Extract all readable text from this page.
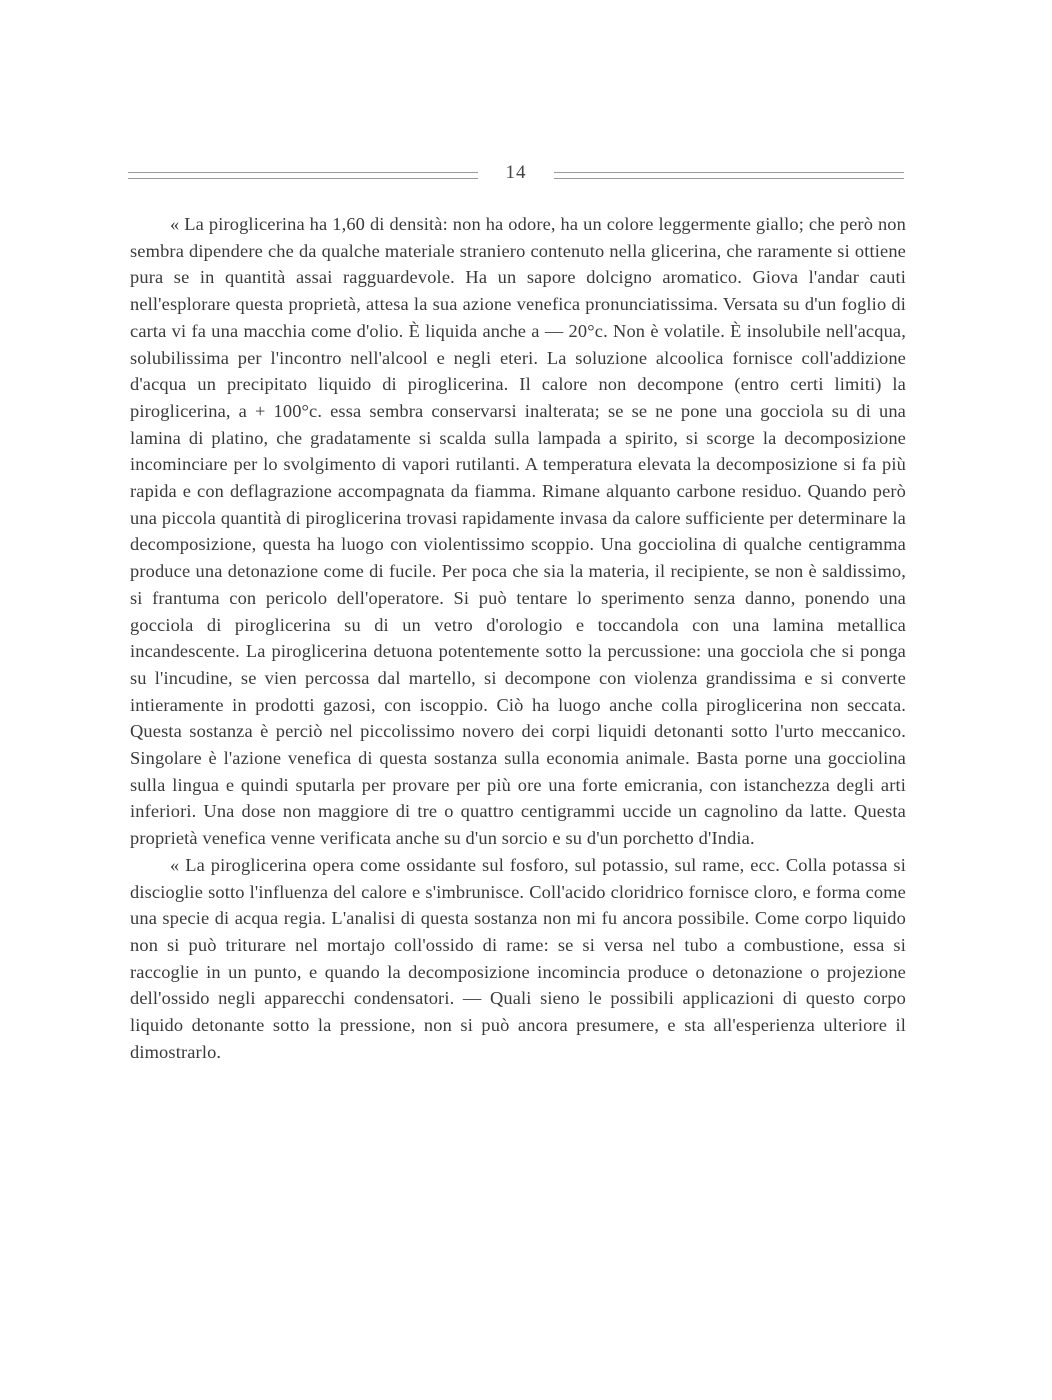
14

« La piroglicerina ha 1,60 di densità: non ha odore, ha un colore leggermente giallo; che però non sembra dipendere che da qualche materiale straniero contenuto nella glicerina, che raramente si ottiene pura se in quantità assai ragguardevole. Ha un sapore dolcigno aromatico. Giova l'andar cauti nell'esplorare questa proprietà, attesa la sua azione venefica pronunciatissima. Versata su d'un foglio di carta vi fa una macchia come d'olio. È liquida anche a — 20°c. Non è volatile. È insolubile nell'acqua, solubilissima per l'incontro nell'alcool e negli eteri. La soluzione alcoolica fornisce coll'addizione d'acqua un precipitato liquido di piroglicerina. Il calore non decompone (entro certi limiti) la piroglicerina, a + 100°c. essa sembra conservarsi inalterata; se se ne pone una gocciola su di una lamina di platino, che gradatamente si scalda sulla lampada a spirito, si scorge la decomposizione incominciare per lo svolgimento di vapori rutilanti. A temperatura elevata la decomposizione si fa più rapida e con deflagrazione accompagnata da fiamma. Rimane alquanto carbone residuo. Quando però una piccola quantità di piroglicerina trovasi rapidamente invasa da calore sufficiente per determinare la decomposizione, questa ha luogo con violentissimo scoppio. Una gocciolina di qualche centigramma produce una detonazione come di fucile. Per poca che sia la materia, il recipiente, se non è saldissimo, si frantuma con pericolo dell'operatore. Si può tentare lo sperimento senza danno, ponendo una gocciola di piroglicerina su di un vetro d'orologio e toccandola con una lamina metallica incandescente. La piroglicerina detuona potentemente sotto la percussione: una gocciola che si ponga su l'incudine, se vien percossa dal martello, si decompone con violenza grandissima e si converte intieramente in prodotti gazosi, con iscoppio. Ciò ha luogo anche colla piroglicerina non seccata. Questa sostanza è perciò nel piccolissimo novero dei corpi liquidi detonanti sotto l'urto meccanico. Singolare è l'azione venefica di questa sostanza sulla economia animale. Basta porne una gocciolina sulla lingua e quindi sputarla per provare per più ore una forte emicrania, con istanchezza degli arti inferiori. Una dose non maggiore di tre o quattro centigrammi uccide un cagnolino da latte. Questa proprietà venefica venne verificata anche su d'un sorcio e su d'un porchetto d'India.

« La piroglicerina opera come ossidante sul fosforo, sul potassio, sul rame, ecc. Colla potassa si discioglie sotto l'influenza del calore e s'imbrunisce. Coll'acido cloridrico fornisce cloro, e forma come una specie di acqua regia. L'analisi di questa sostanza non mi fu ancora possibile. Come corpo liquido non si può triturare nel mortajo coll'ossido di rame: se si versa nel tubo a combustione, essa si raccoglie in un punto, e quando la decomposizione incomincia produce o detonazione o projezione dell'ossido negli apparecchi condensatori. — Quali sieno le possibili applicazioni di questo corpo liquido detonante sotto la pressione, non si può ancora presumere, e sta all'esperienza ulteriore il dimostrarlo.
